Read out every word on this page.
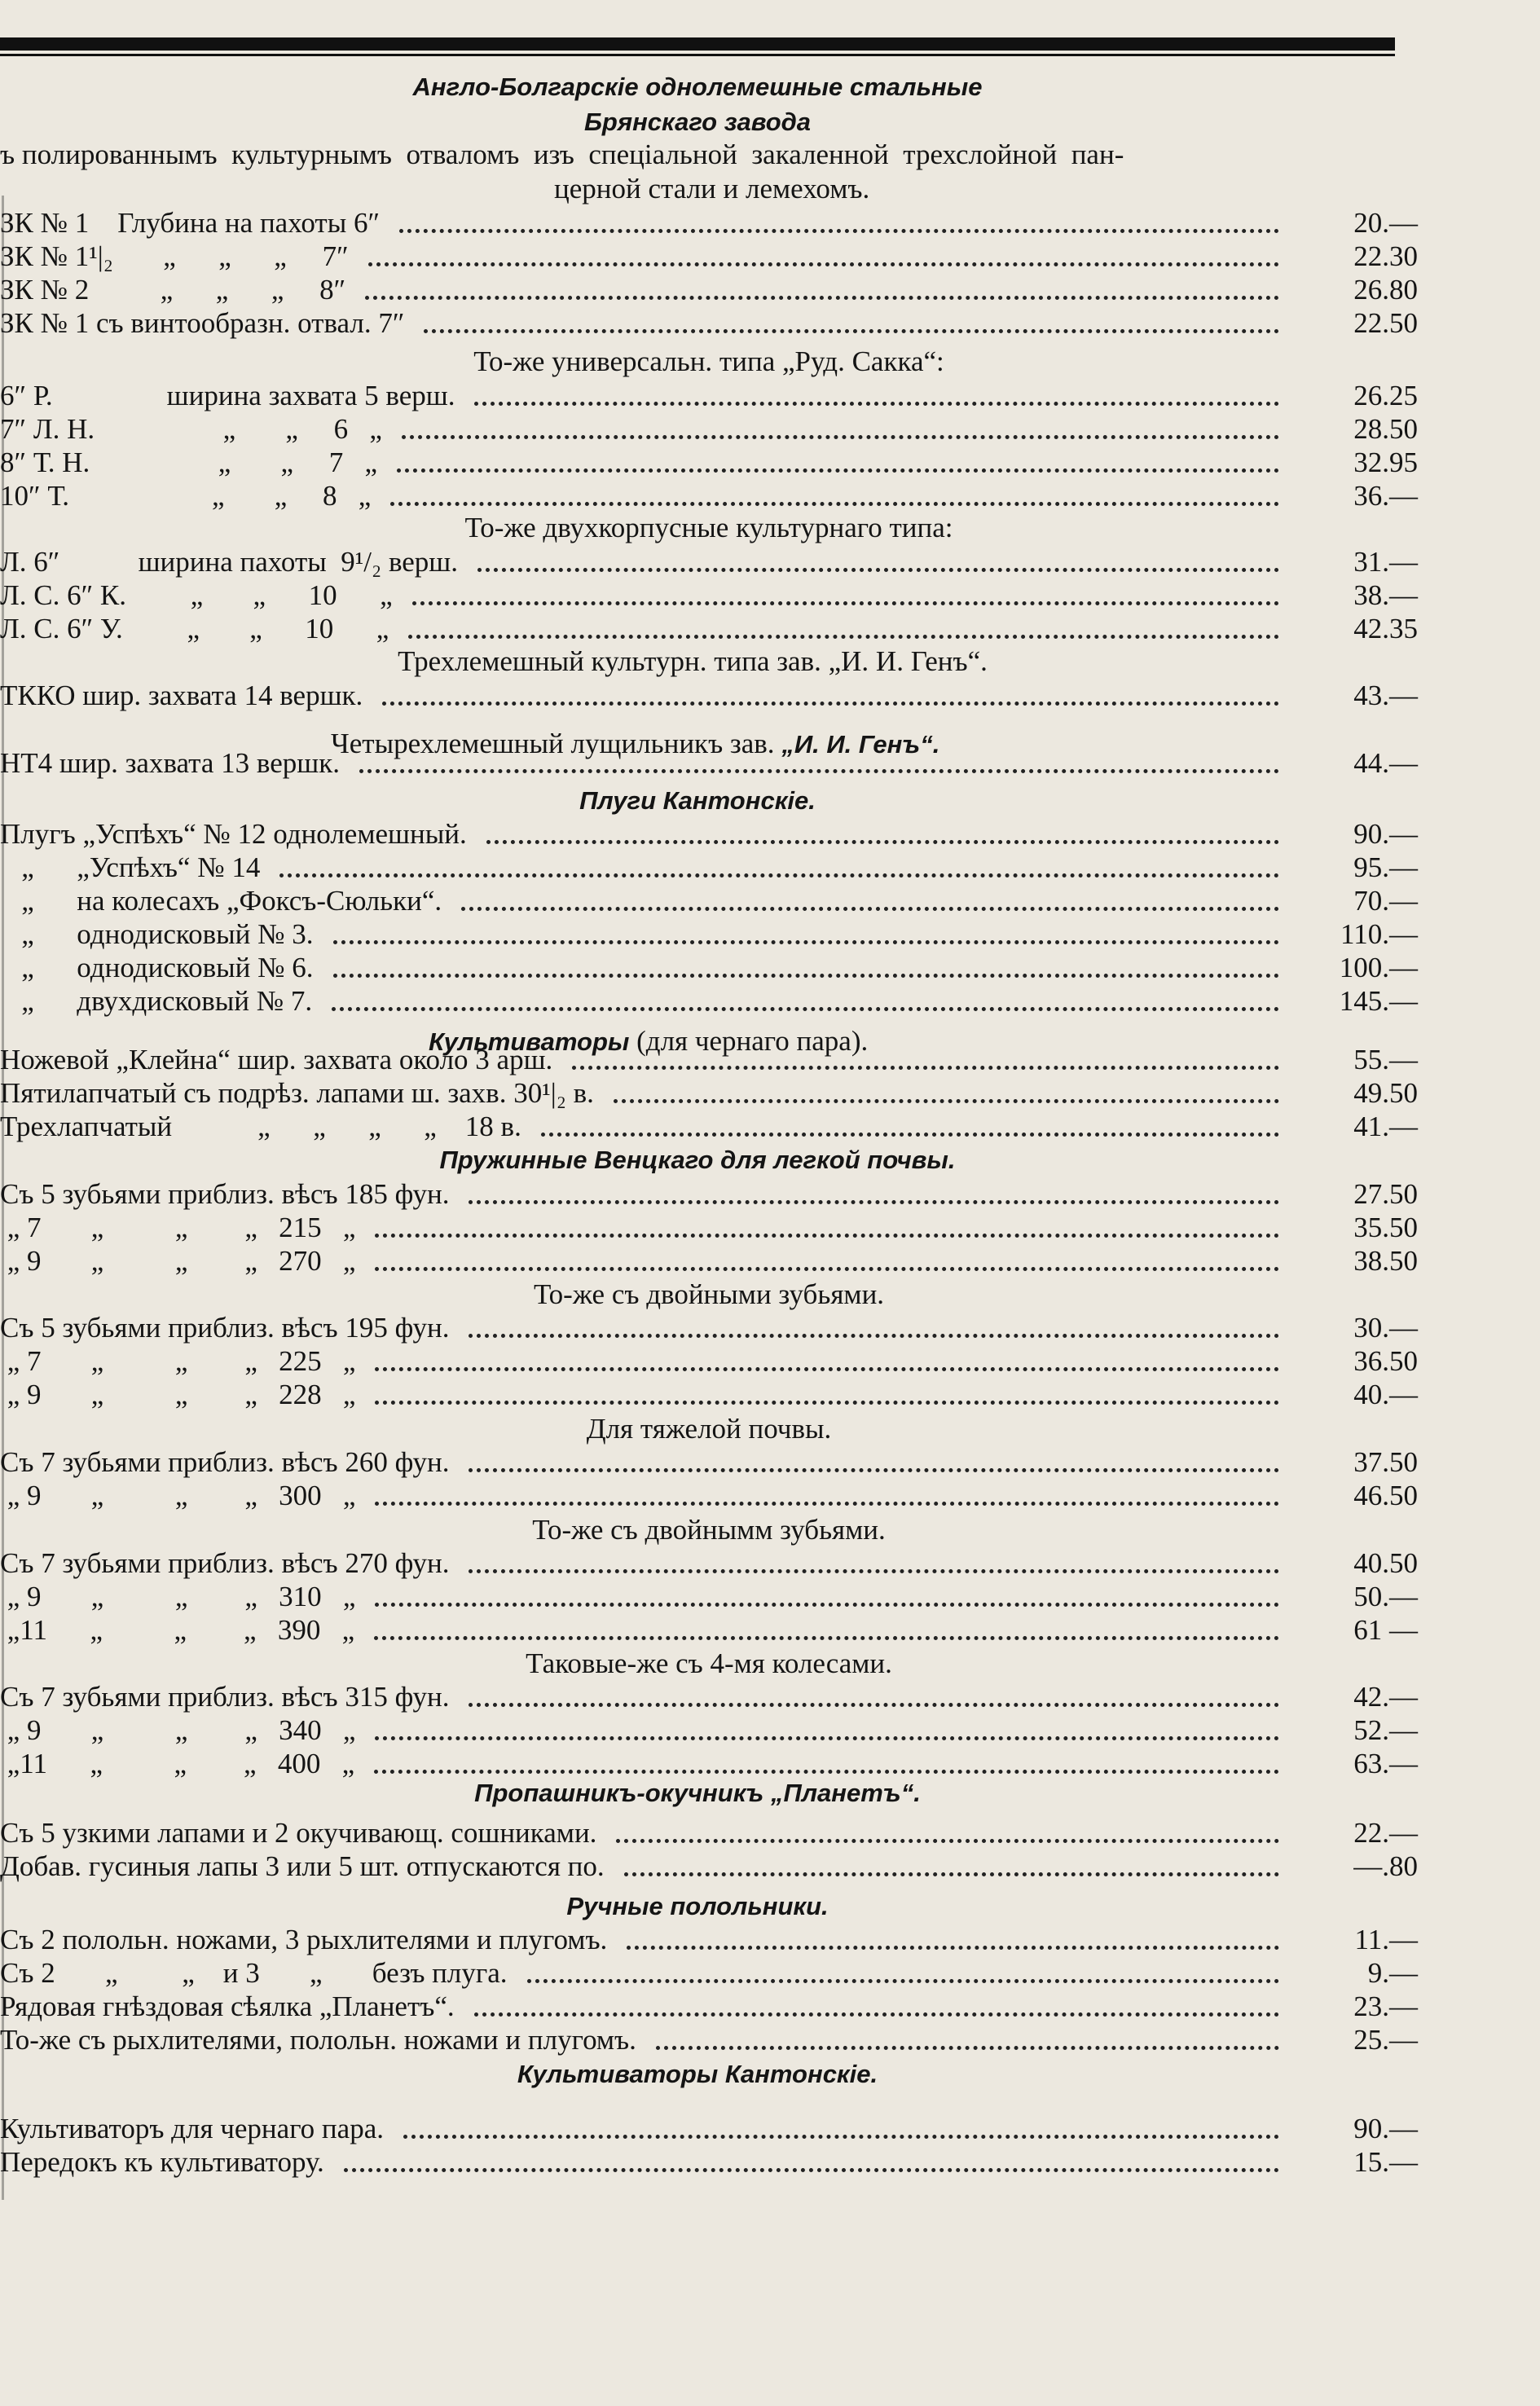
Англо-Болгарскіе однолемешные стальные
Брянскаго завода
ъ полированнымъ  культурнымъ  отваломъ  изъ  спеціальной  закаленной  трехслойной  пан-
церной стали и лемехомъ.
То-же универсальн. типа „Руд. Сакка“:
То-же двухкорпусные культурнаго типа:
Трехлемешный культурн. типа зав. „И. И. Генъ“.

Четырехлемешный лущильникъ зав. „И. И. Генъ“.

Плуги Кантонскіе.

Культиваторы (для чернаго пара).

Пружинные Венцкаго для легкой почвы.
То-же съ двойными зубьями.
Для тяжелой почвы.
То-же съ двойнымм зубьями.
Таковые-же съ 4-мя колесами.
Пропашникъ-окучникъ „Планетъ“.
Ручные полольники.
Культиваторы Кантонскіе.
ЗК № 1    Глубина на пахоты 6″	20.—
ЗК № 1¹|₂       „      „      „     7″	22.30
ЗК № 2          „      „      „     8″	26.80
ЗК № 1 съ винтообразн. отвал. 7″	22.50
6″ Р.                ширина захвата 5 верш.	26.25
7″ Л. Н.                  „       „     6   „	28.50
8″ Т. Н.                  „       „     7   „	32.95
10″ Т.                    „       „     8   „	36.—
Л. 6″           ширина пахоты  9¹/₂ верш.	31.—
Л. С. 6″ К.         „       „      10      „	38.—
Л. С. 6″ У.         „       „      10      „	42.35
ТККО шир. захвата 14 вершк.	43.—
НТ4 шир. захвата 13 вершк.	44.—
Плугъ „Успѣхъ“ № 12 однолемешный.	90.—
„      „Успѣхъ“ № 14	95.—
„      на колесахъ „Фоксъ-Сюльки“.	70.—
„      однодисковый № 3.	110.—
„      однодисковый № 6.	100.—
„      двухдисковый № 7.	145.—
Ножевой „Клейна“ шир. захвата около 3 арш.	55.—
Пятилапчатый съ подрѣз. лапами ш. захв. 30¹|₂ в.	49.50
Трехлапчатый            „      „      „      „    18 в.	41.—
Съ 5 зубьями приблиз. вѣсъ 185 фун.	27.50
„ 7       „          „        „   215   „	35.50
„ 9       „          „        „   270   „	38.50
Съ 5 зубьями приблиз. вѣсъ 195 фун.	30.—
„ 7       „          „        „   225   „	36.50
„ 9       „          „        „   228   „	40.—
Съ 7 зубьями приблиз. вѣсъ 260 фун.	37.50
„ 9       „          „        „   300   „	46.50
Съ 7 зубьями приблиз. вѣсъ 270 фун.	40.50
„ 9       „          „        „   310   „	50.—
„11      „          „        „   390   „	61 —
Съ 7 зубьями приблиз. вѣсъ 315 фун.	42.—
„ 9       „          „        „   340   „	52.—
„11      „          „        „   400   „	63.—
Съ 5 узкими лапами и 2 окучивающ. сошниками.	22.—
Добав. гусиныя лапы 3 или 5 шт. отпускаются по.	—.80
Съ 2 полольн. ножами, 3 рыхлителями и плугомъ.	11.—
Съ 2       „         „    и 3       „       безъ плуга.	9.—
Рядовая гнѣздовая сѣялка „Планетъ“.	23.—
То-же съ рыхлителями, полольн. ножами и плугомъ.	25.—
Культиваторъ для чернаго пара.	90.—
Передокъ къ культиватору.	15.—
